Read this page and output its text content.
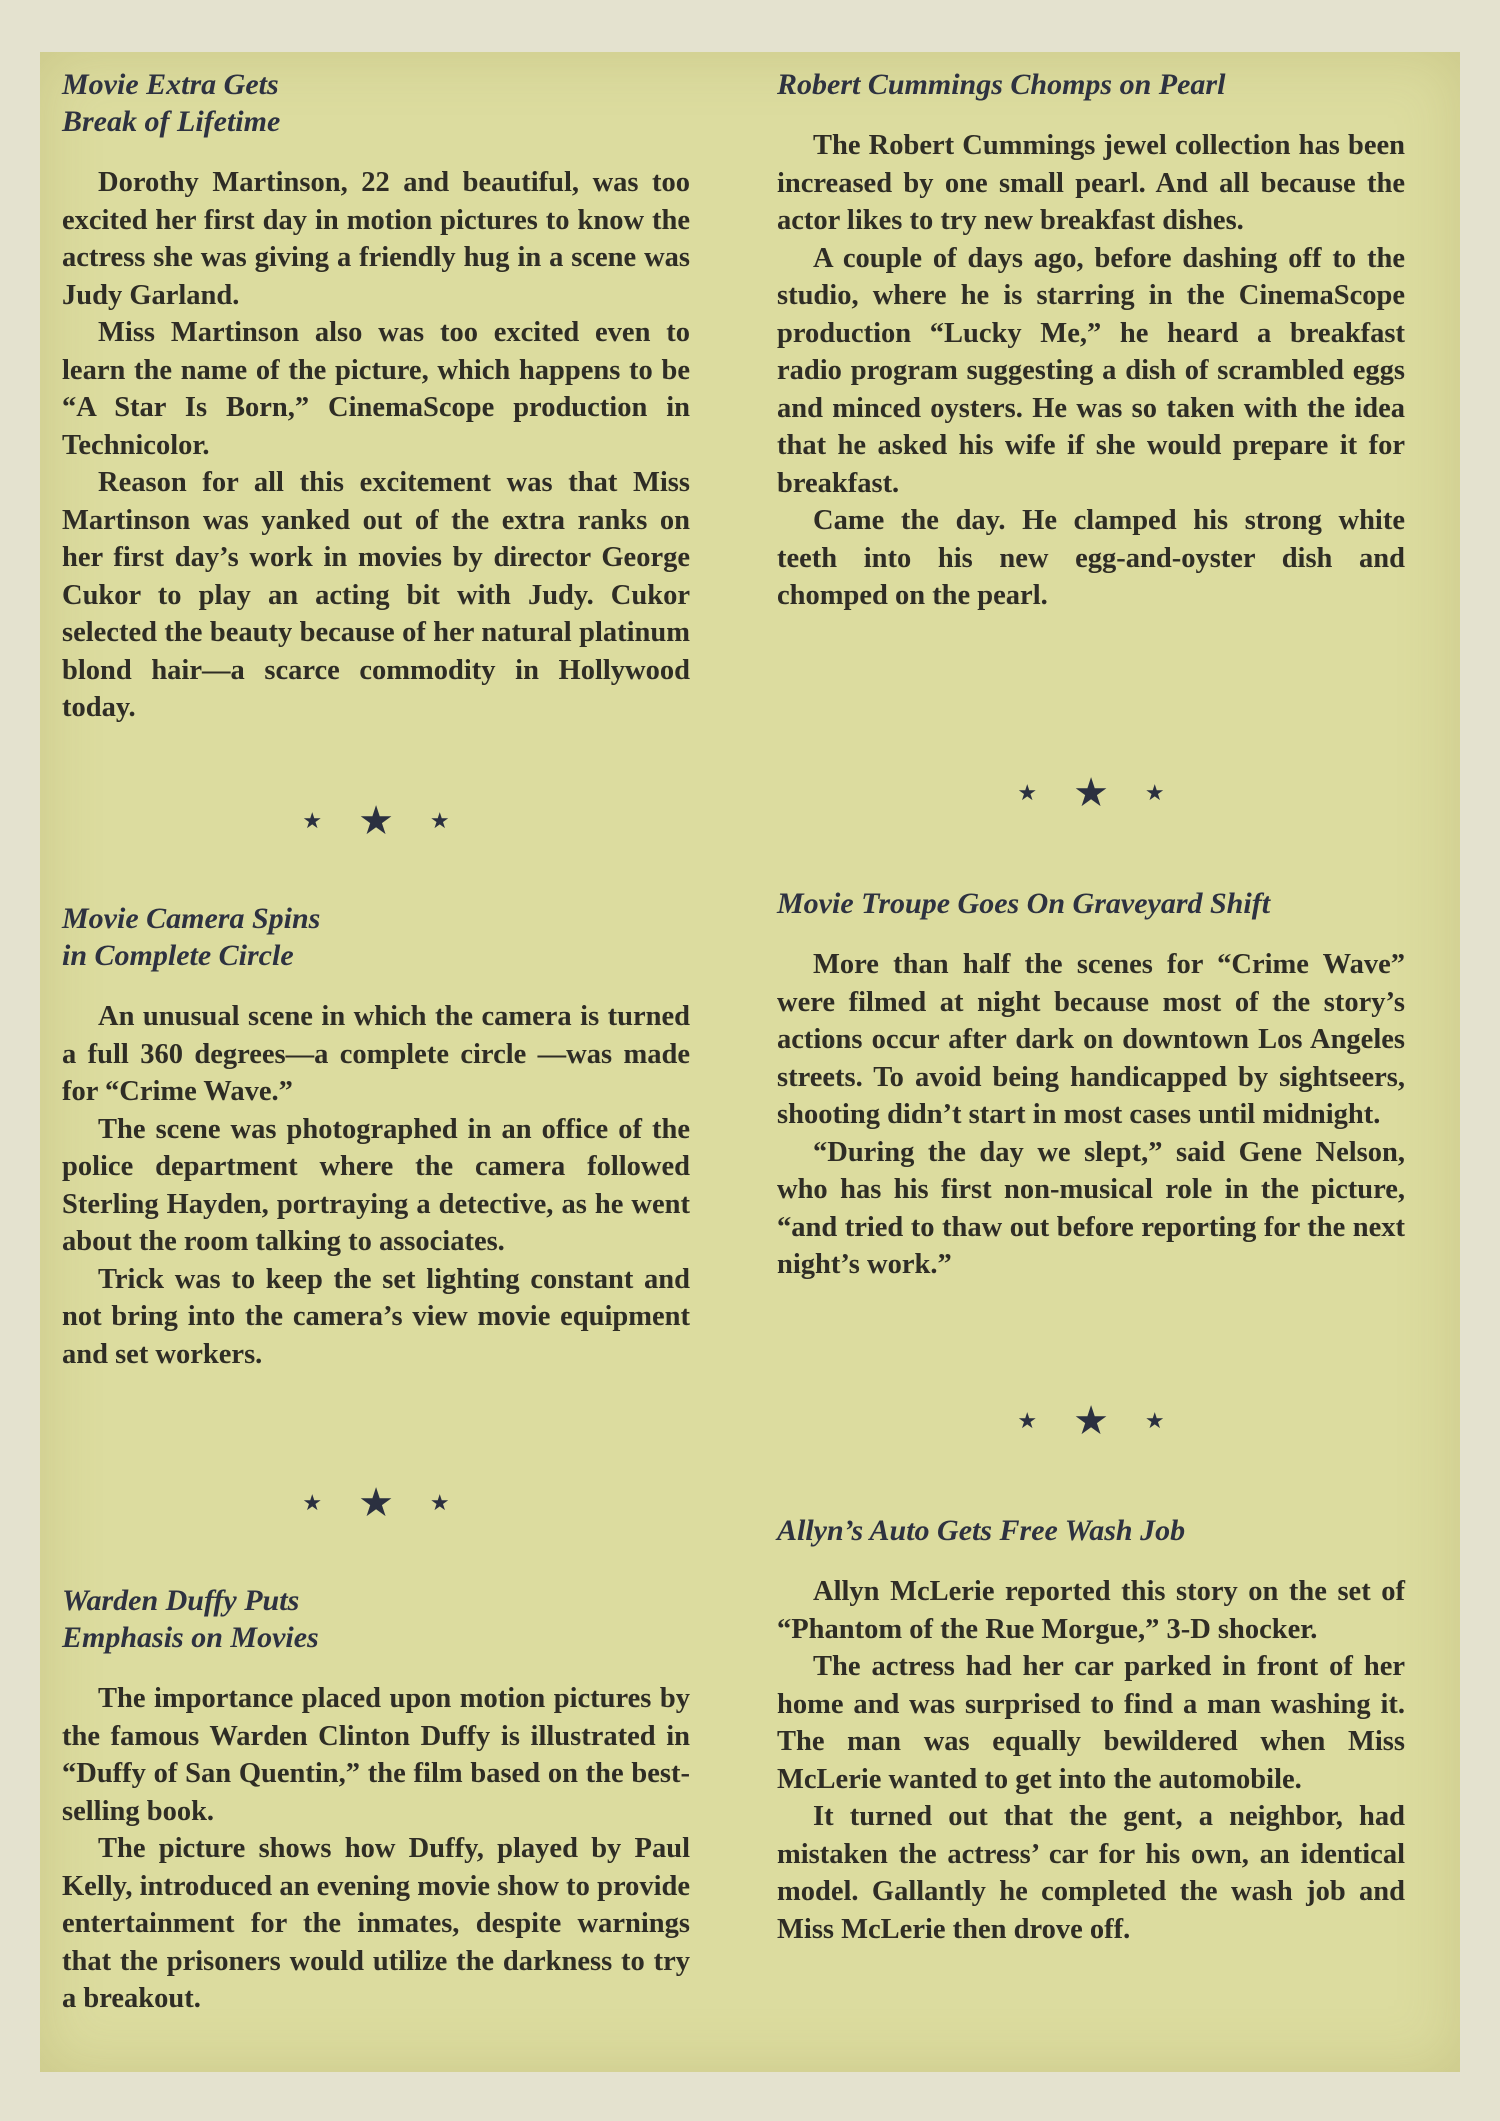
Movie Extra Gets
Break of Lifetime

Dorothy Martinson, 22 and beautiful, was too excited her first day in motion pictures to know the actress she was giving a friendly hug in a scene was Judy Garland.

Miss Martinson also was too excited even to learn the name of the picture, which happens to be “A Star Is Born,” CinemaScope production in Technicolor.

Reason for all this excitement was that Miss Martinson was yanked out of the extra ranks on her first day’s work in movies by director George Cukor to play an acting bit with Judy. Cukor selected the beauty because of her natural platinum blond hair—a scarce commodity in Hollywood today.

★ ★ ★
Movie Camera Spins
in Complete Circle

An unusual scene in which the camera is turned a full 360 degrees—a complete circle —was made for “Crime Wave.”

The scene was photographed in an office of the police department where the camera followed Sterling Hayden, portraying a detective, as he went about the room talking to associates.

Trick was to keep the set lighting constant and not bring into the camera’s view movie equipment and set workers.

★ ★ ★
Warden Duffy Puts
Emphasis on Movies

The importance placed upon motion pictures by the famous Warden Clinton Duffy is illustrated in “Duffy of San Quentin,” the film based on the best-selling book.

The picture shows how Duffy, played by Paul Kelly, introduced an evening movie show to provide entertainment for the inmates, despite warnings that the prisoners would utilize the darkness to try a breakout.

Robert Cummings Chomps on Pearl

The Robert Cummings jewel collection has been increased by one small pearl. And all because the actor likes to try new breakfast dishes.

A couple of days ago, before dashing off to the studio, where he is starring in the CinemaScope production “Lucky Me,” he heard a breakfast radio program suggesting a dish of scrambled eggs and minced oysters. He was so taken with the idea that he asked his wife if she would prepare it for breakfast.

Came the day. He clamped his strong white teeth into his new egg-and-oyster dish and chomped on the pearl.

★ ★ ★
Movie Troupe Goes On Graveyard Shift

More than half the scenes for “Crime Wave” were filmed at night because most of the story’s actions occur after dark on downtown Los Angeles streets. To avoid being handicapped by sightseers, shooting didn’t start in most cases until midnight.

“During the day we slept,” said Gene Nelson, who has his first non-musical role in the picture, “and tried to thaw out before reporting for the next night’s work.”

★ ★ ★
Allyn’s Auto Gets Free Wash Job

Allyn McLerie reported this story on the set of “Phantom of the Rue Morgue,” 3-D shocker.

The actress had her car parked in front of her home and was surprised to find a man washing it. The man was equally bewildered when Miss McLerie wanted to get into the automobile.

It turned out that the gent, a neighbor, had mistaken the actress’ car for his own, an identical model. Gallantly he completed the wash job and Miss McLerie then drove off.
